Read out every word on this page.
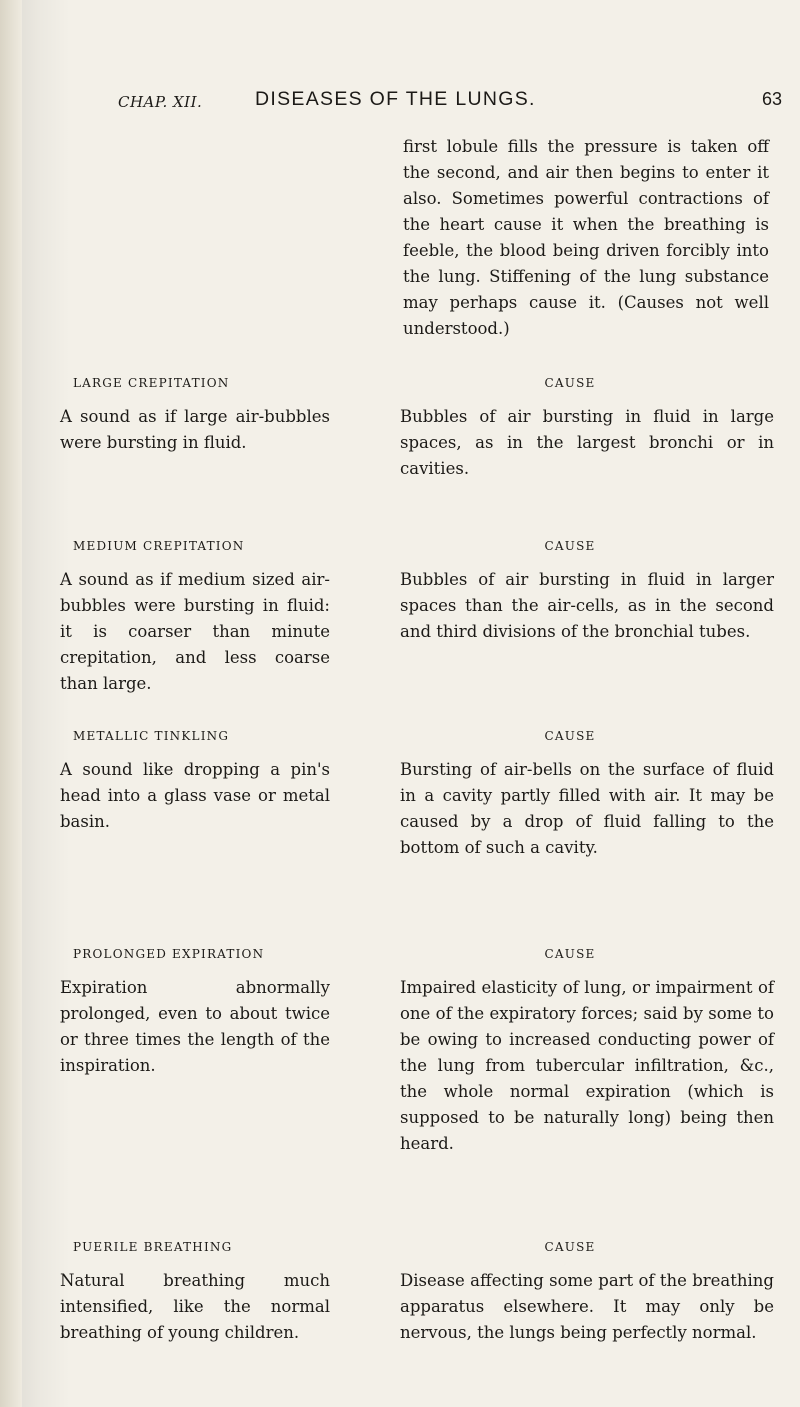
CHAP. XII.	DISEASES OF THE LUNGS.	63

first lobule fills the pressure is taken off the second, and air then begins to enter it also. Sometimes powerful contractions of the heart cause it when the breathing is feeble, the blood being driven forcibly into the lung. Stiffening of the lung substance may perhaps cause it. (Causes not well understood.)

LARGE CREPITATION

A sound as if large air-bubbles were bursting in fluid.

CAUSE

Bubbles of air bursting in fluid in large spaces, as in the largest bronchi or in cavities.

MEDIUM CREPITATION

A sound as if medium sized air-bubbles were bursting in fluid: it is coarser than minute crepitation, and less coarse than large.

CAUSE

Bubbles of air bursting in fluid in larger spaces than the air-cells, as in the second and third divisions of the bronchial tubes.

METALLIC TINKLING

A sound like dropping a pin's head into a glass vase or metal basin.

CAUSE

Bursting of air-bells on the surface of fluid in a cavity partly filled with air. It may be caused by a drop of fluid falling to the bottom of such a cavity.

PROLONGED EXPIRATION

Expiration abnormally prolonged, even to about twice or three times the length of the inspiration.

CAUSE

Impaired elasticity of lung, or impairment of one of the expiratory forces; said by some to be owing to increased conducting power of the lung from tubercular infiltration, &c., the whole normal expiration (which is supposed to be naturally long) being then heard.

PUERILE BREATHING

Natural breathing much intensified, like the normal breathing of young children.

CAUSE

Disease affecting some part of the breathing apparatus elsewhere. It may only be nervous, the lungs being perfectly normal.
